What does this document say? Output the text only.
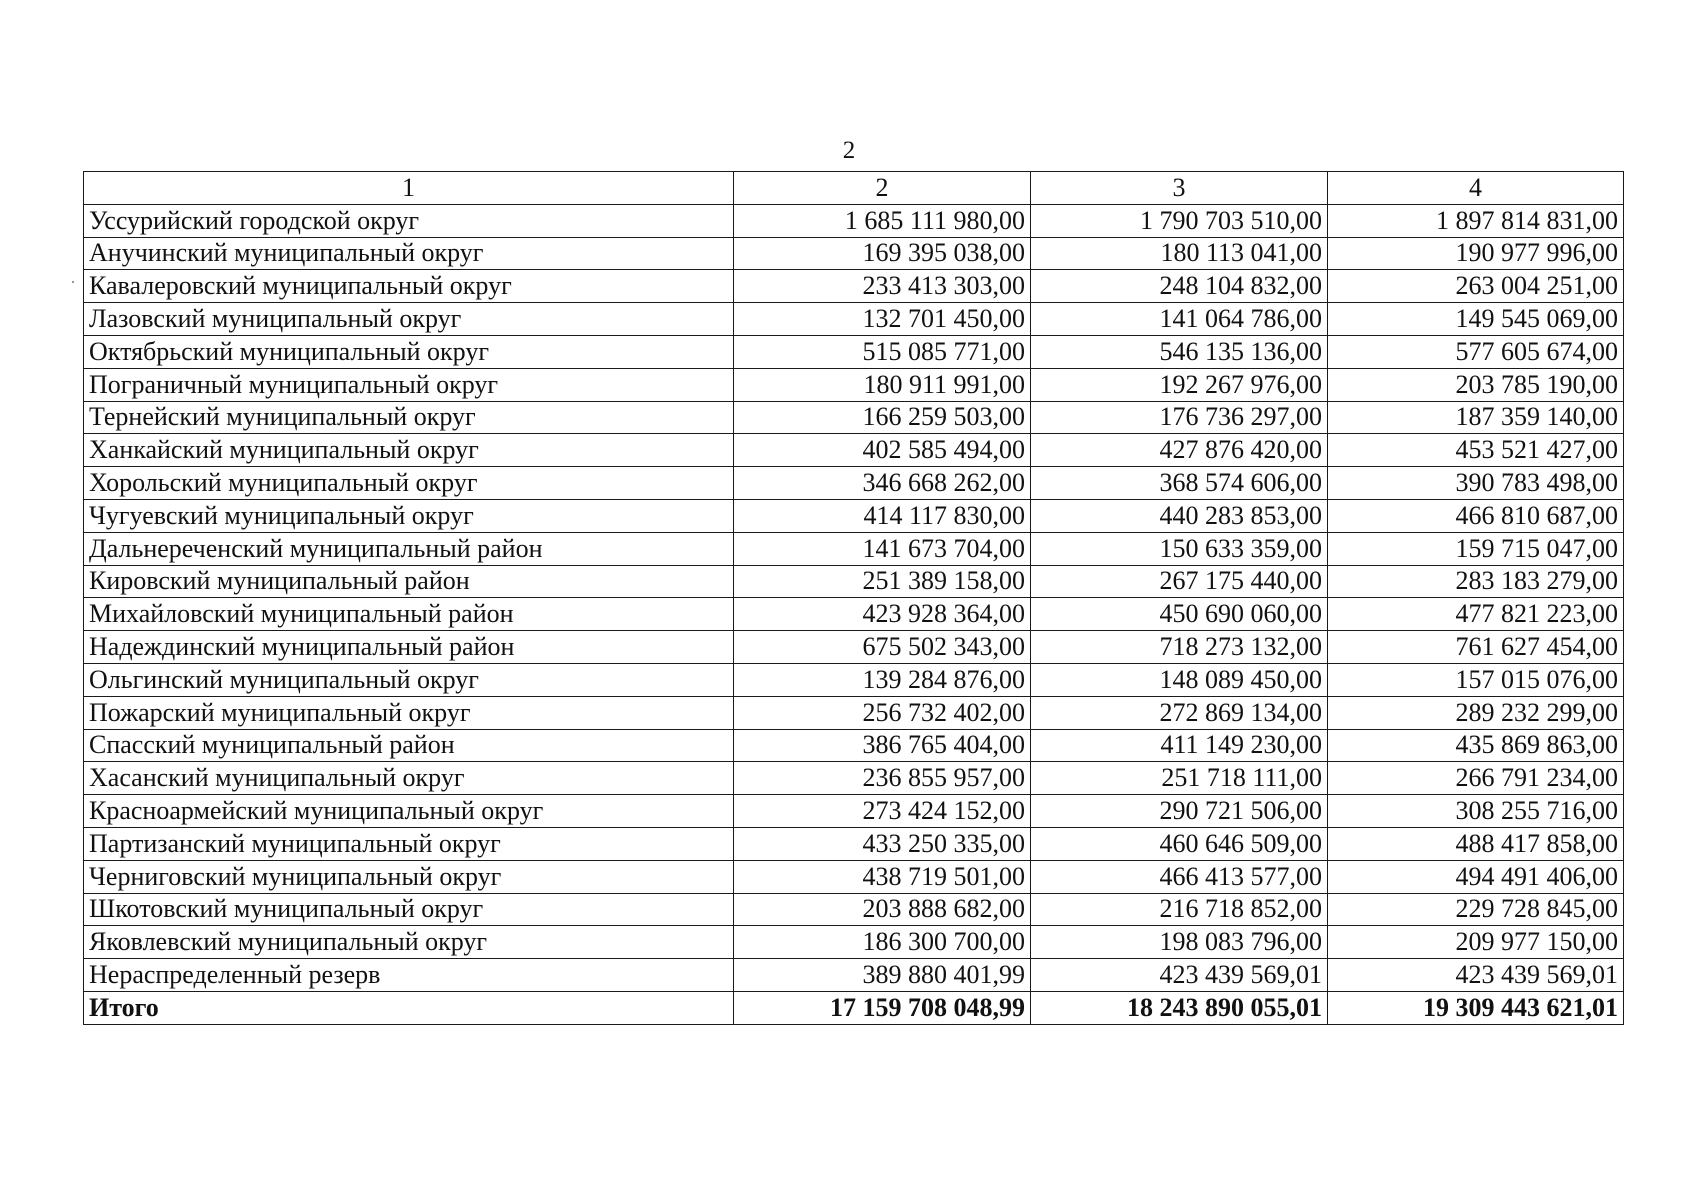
2
1	2	3	4
Уссурийский городской округ	1 685 111 980,00	1 790 703 510,00	1 897 814 831,00
Анучинский муниципальный округ	169 395 038,00	180 113 041,00	190 977 996,00
Кавалеровский муниципальный округ	233 413 303,00	248 104 832,00	263 004 251,00
Лазовский муниципальный округ	132 701 450,00	141 064 786,00	149 545 069,00
Октябрьский муниципальный округ	515 085 771,00	546 135 136,00	577 605 674,00
Пограничный муниципальный округ	180 911 991,00	192 267 976,00	203 785 190,00
Тернейский муниципальный округ	166 259 503,00	176 736 297,00	187 359 140,00
Ханкайский муниципальный округ	402 585 494,00	427 876 420,00	453 521 427,00
Хорольский муниципальный округ	346 668 262,00	368 574 606,00	390 783 498,00
Чугуевский муниципальный округ	414 117 830,00	440 283 853,00	466 810 687,00
Дальнереченский муниципальный район	141 673 704,00	150 633 359,00	159 715 047,00
Кировский муниципальный район	251 389 158,00	267 175 440,00	283 183 279,00
Михайловский муниципальный район	423 928 364,00	450 690 060,00	477 821 223,00
Надеждинский муниципальный район	675 502 343,00	718 273 132,00	761 627 454,00
Ольгинский муниципальный округ	139 284 876,00	148 089 450,00	157 015 076,00
Пожарский муниципальный округ	256 732 402,00	272 869 134,00	289 232 299,00
Спасский муниципальный район	386 765 404,00	411 149 230,00	435 869 863,00
Хасанский муниципальный округ	236 855 957,00	251 718 111,00	266 791 234,00
Красноармейский муниципальный округ	273 424 152,00	290 721 506,00	308 255 716,00
Партизанский муниципальный округ	433 250 335,00	460 646 509,00	488 417 858,00
Черниговский муниципальный округ	438 719 501,00	466 413 577,00	494 491 406,00
Шкотовский муниципальный округ	203 888 682,00	216 718 852,00	229 728 845,00
Яковлевский муниципальный округ	186 300 700,00	198 083 796,00	209 977 150,00
Нераспределенный резерв	389 880 401,99	423 439 569,01	423 439 569,01
Итого	17 159 708 048,99	18 243 890 055,01	19 309 443 621,01
